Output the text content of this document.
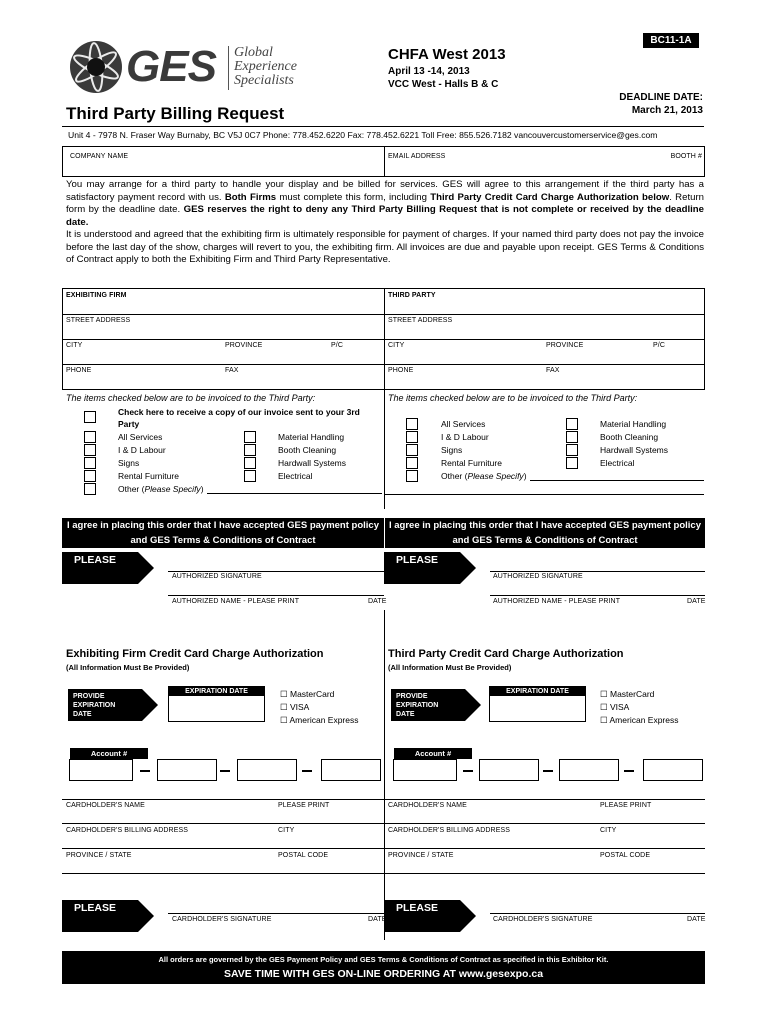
BC11-1A
GES Global
Experience
Specialists
CHFA West 2013
April 13 -14, 2013
VCC West - Halls B & C
DEADLINE DATE:
March 21, 2013
Third Party Billing Request
Unit 4 - 7978 N. Fraser Way Burnaby, BC V5J 0C7 Phone: 778.452.6220 Fax: 778.452.6221 Toll Free: 855.526.7182 vancouvercustomerservice@ges.com
COMPANY NAME	EMAIL ADDRESS	BOOTH #
You may arrange for a third party to handle your display and be billed for services. GES will agree to this arrangement if the third party has a satisfactory payment record with us. Both Firms must complete this form, including Third Party Credit Card Charge Authorization below. Return form by the deadline date. GES reserves the right to deny any Third Party Billing Request that is not complete or received by the deadline date.
It is understood and agreed that the exhibiting firm is ultimately responsible for payment of charges. If your named third party does not pay the invoice before the last day of the show, charges will revert to you, the exhibiting firm. All invoices are due and payable upon receipt. GES Terms & Conditions of Contract apply to both the Exhibiting Firm and Third Party Representative.
EXHIBITING FIRM	THIRD PARTY
STREET ADDRESS	STREET ADDRESS
CITY	PROVINCE	P/C	CITY	PROVINCE	P/C
PHONE	FAX	PHONE	FAX
The items checked below are to be invoiced to the Third Party:	The items checked below are to be invoiced to the Third Party:
Check here to receive a copy of our invoice sent to your 3rd Party
All Services
I & D Labour
Signs
Rental Furniture
Other (Please Specify)
Material Handling
Booth Cleaning
Hardwall Systems
Electrical
All Services
I & D Labour
Signs
Rental Furniture
Other (Please Specify)
Material Handling
Booth Cleaning
Hardwall Systems
Electrical
I agree in placing this order that I have accepted GES payment policy and GES Terms & Conditions of Contract
I agree in placing this order that I have accepted GES payment policy and GES Terms & Conditions of Contract
PLEASE	PLEASE
AUTHORIZED SIGNATURE	AUTHORIZED SIGNATURE
AUTHORIZED NAME - PLEASE PRINT	DATE	AUTHORIZED NAME - PLEASE PRINT	DATE
Exhibiting Firm Credit Card Charge Authorization	Third Party Credit Card Charge Authorization
(All Information Must Be Provided)	(All Information Must Be Provided)
PROVIDE
EXPIRATION
DATE
EXPIRATION DATE	☐ MasterCard
☐ VISA
☐ American Express
Account #
PROVIDE
EXPIRATION
DATE
EXPIRATION DATE	☐ MasterCard
☐ VISA
☐ American Express
Account #
CARDHOLDER'S NAME	PLEASE PRINT	CARDHOLDER'S NAME	PLEASE PRINT
CARDHOLDER'S BILLING ADDRESS	CITY	CARDHOLDER'S BILLING ADDRESS	CITY
PROVINCE / STATE	POSTAL CODE	PROVINCE / STATE	POSTAL CODE
PLEASE	PLEASE
CARDHOLDER'S SIGNATURE	DATE	CARDHOLDER'S SIGNATURE	DATE
All orders are governed by the GES Payment Policy and GES Terms & Conditions of Contract as specified in this Exhibitor Kit.
SAVE TIME WITH GES ON-LINE ORDERING AT www.gesexpo.ca
